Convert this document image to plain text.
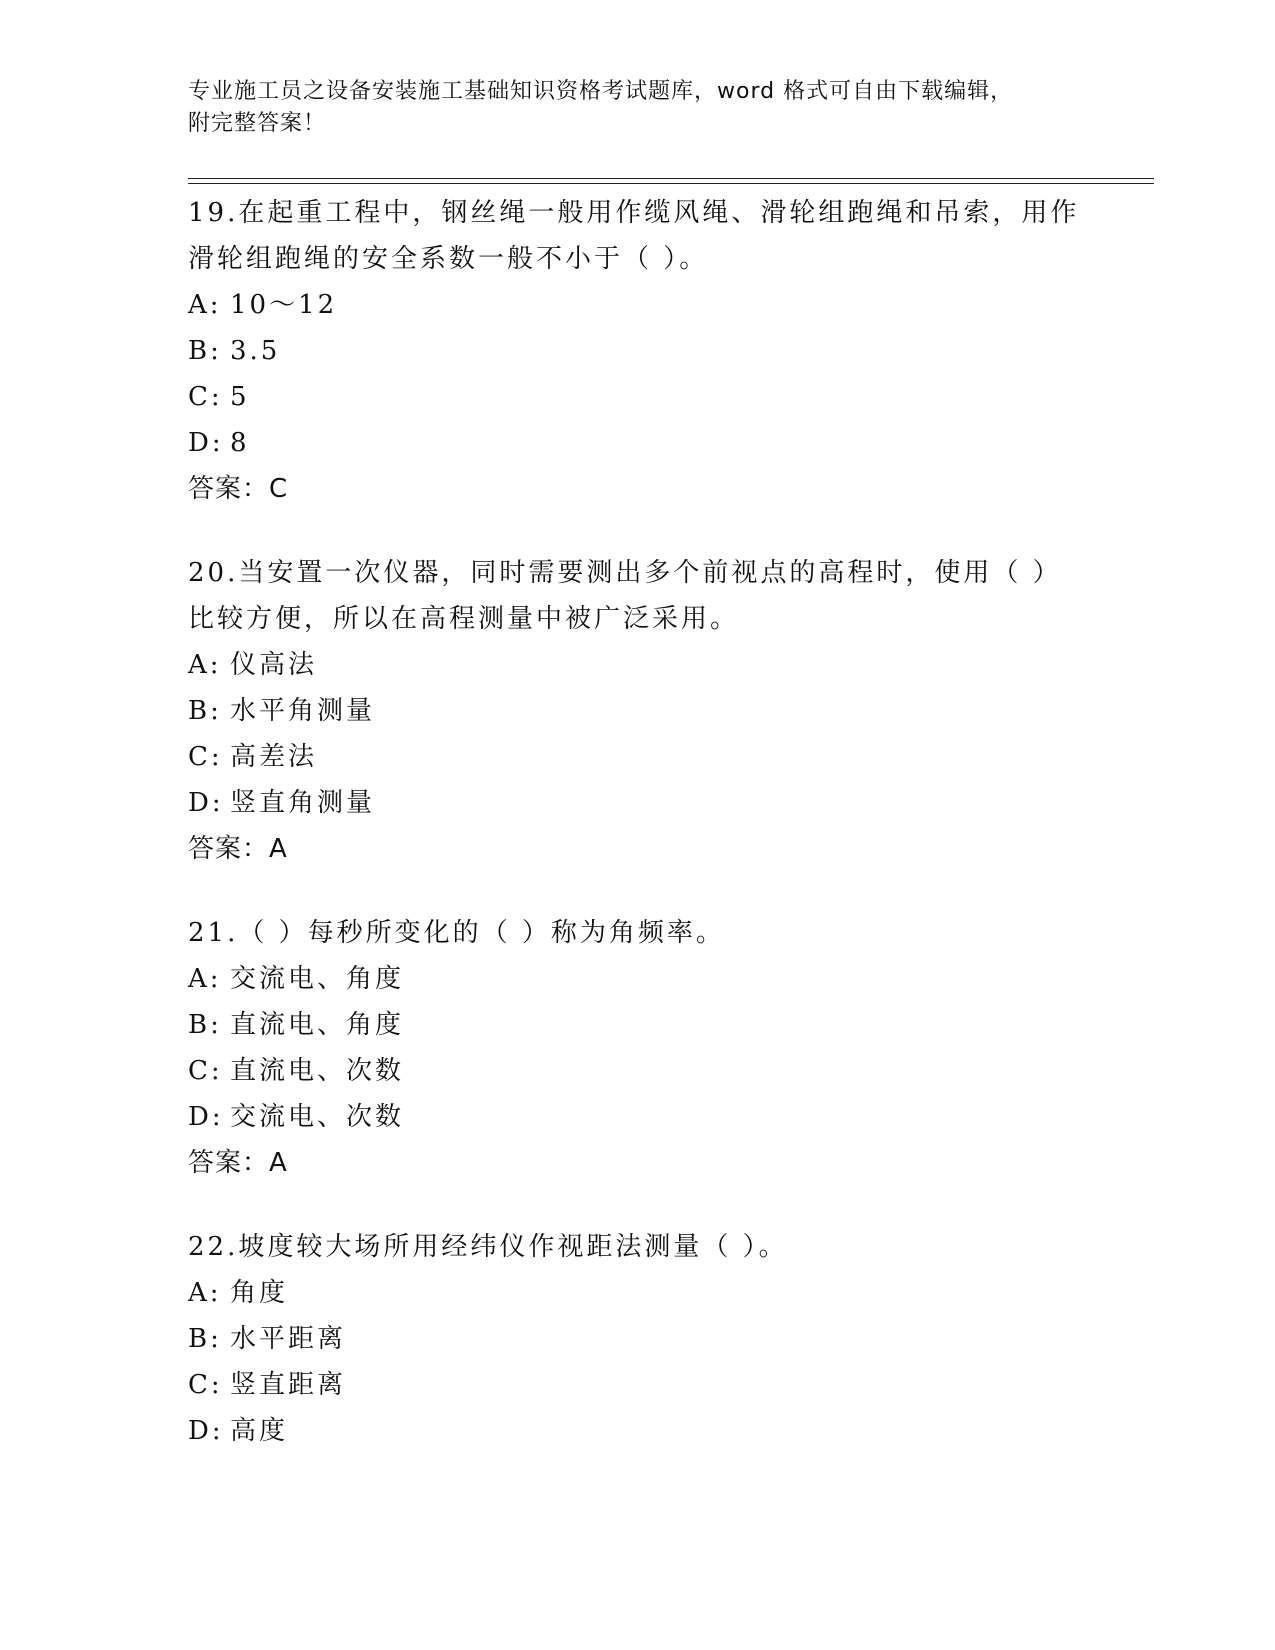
专业施工员之设备安装施工基础知识资格考试题库，word 格式可自由下载编辑，
附完整答案！
19.在起重工程中，钢丝绳一般用作缆风绳、滑轮组跑绳和吊索，用作
滑轮组跑绳的安全系数一般不小于（ ）。
A: 10～12
B: 3.5
C: 5
D: 8
答案：C
20.当安置一次仪器，同时需要测出多个前视点的高程时，使用（ ）
比较方便，所以在高程测量中被广泛采用。
A: 仪高法
B: 水平角测量
C: 高差法
D: 竖直角测量
答案：A
21.（ ）每秒所变化的（ ）称为角频率。
A: 交流电、角度
B: 直流电、角度
C: 直流电、次数
D: 交流电、次数
答案：A
22.坡度较大场所用经纬仪作视距法测量（ ）。
A: 角度
B: 水平距离
C: 竖直距离
D: 高度
